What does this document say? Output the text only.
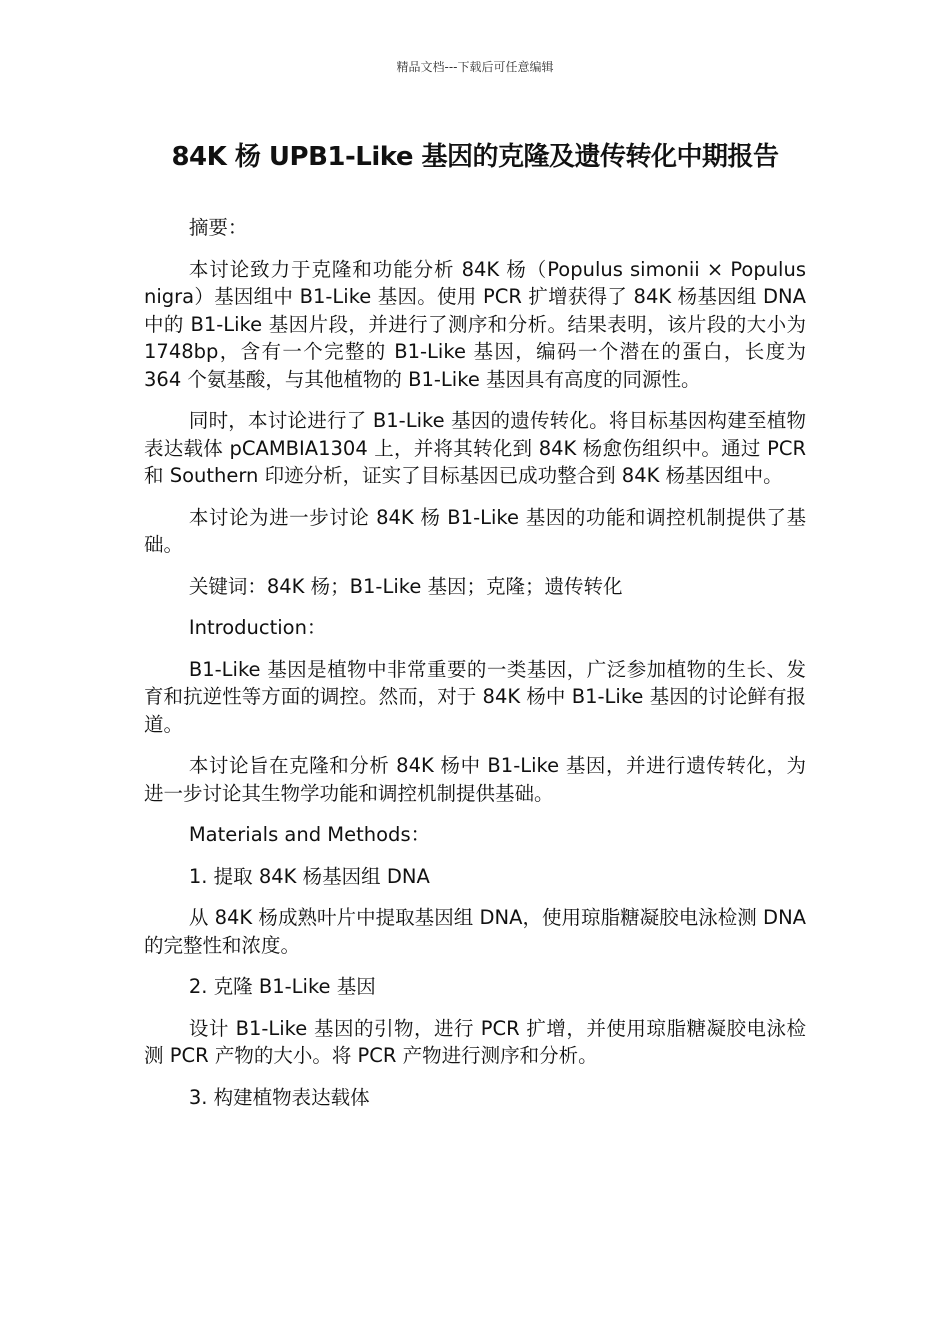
精品文档---下载后可任意编辑
84K 杨 UPB1-Like 基因的克隆及遗传转化中期报告

摘要：

本讨论致力于克隆和功能分析 84K 杨（Populus simonii × Populus nigra）基因组中 B1-Like 基因。使用 PCR 扩增获得了 84K 杨基因组 DNA 中的 B1-Like 基因片段，并进行了测序和分析。结果表明，该片段的大小为 1748bp，含有一个完整的 B1-Like 基因，编码一个潜在的蛋白，长度为 364 个氨基酸，与其他植物的 B1-Like 基因具有高度的同源性。

同时，本讨论进行了 B1-Like 基因的遗传转化。将目标基因构建至植物表达载体 pCAMBIA1304 上，并将其转化到 84K 杨愈伤组织中。通过 PCR 和 Southern 印迹分析，证实了目标基因已成功整合到 84K 杨基因组中。

本讨论为进一步讨论 84K 杨 B1-Like 基因的功能和调控机制提供了基础。

关键词：84K 杨；B1-Like 基因；克隆；遗传转化

Introduction：

B1-Like 基因是植物中非常重要的一类基因，广泛参加植物的生长、发育和抗逆性等方面的调控。然而，对于 84K 杨中 B1-Like 基因的讨论鲜有报道。

本讨论旨在克隆和分析 84K 杨中 B1-Like 基因，并进行遗传转化，为进一步讨论其生物学功能和调控机制提供基础。

Materials and Methods：

1. 提取 84K 杨基因组 DNA

从 84K 杨成熟叶片中提取基因组 DNA，使用琼脂糖凝胶电泳检测 DNA 的完整性和浓度。

2. 克隆 B1-Like 基因

设计 B1-Like 基因的引物，进行 PCR 扩增，并使用琼脂糖凝胶电泳检测 PCR 产物的大小。将 PCR 产物进行测序和分析。

3. 构建植物表达载体
